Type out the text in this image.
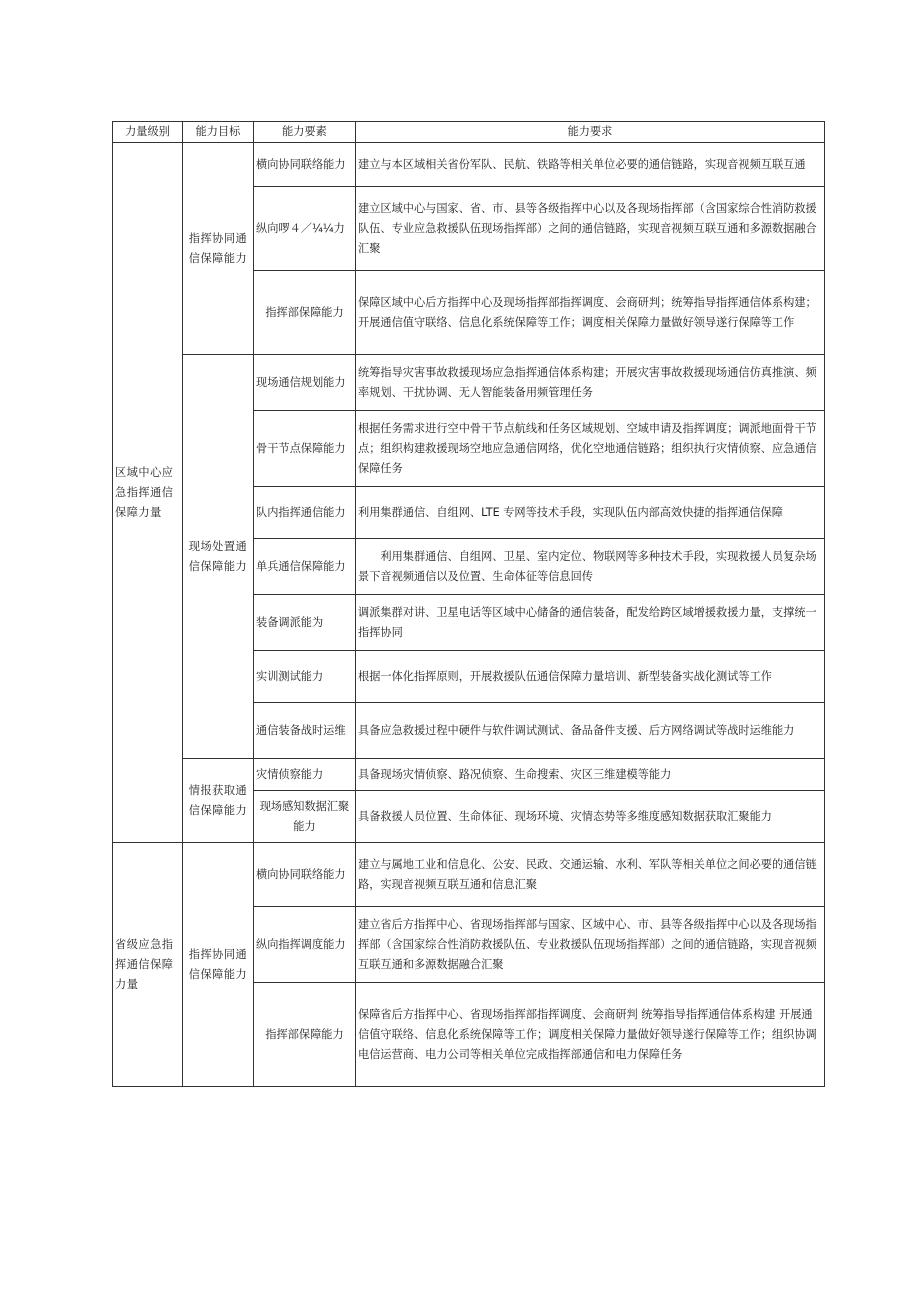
力量级别	能力目标	能力要素	能力要求
区域中心应急指挥通信保障力量	指挥协同通信保障能力	横向协同联络能力	建立与本区域相关省份军队、民航、铁路等相关单位必要的通信链路，实现音视频互联互通
		纵向啰４／¼¼力	建立区域中心与国家、省、市、县等各级指挥中心以及各现场指挥部（含国家综合性消防救援队伍、专业应急救援队伍现场指挥部）之间的通信链路，实现音视频互联互通和多源数据融合汇聚
		指挥部保障能力	保障区域中心后方指挥中心及现场指挥部指挥调度、会商研判；统筹指导指挥通信体系构建；开展通信值守联络、信息化系统保障等工作；调度相关保障力量做好领导遂行保障等工作
	现场处置通信保障能力	现场通信规划能力	统筹指导灾害事故救援现场应急指挥通信体系构建；开展灾害事故救援现场通信仿真推演、频率规划、干扰协调、无人智能装备用频管理任务
		骨干节点保障能力	根据任务需求进行空中骨干节点航线和任务区域规划、空域申请及指挥调度；调派地面骨干节点；组织构建救援现场空地应急通信网络，优化空地通信链路；组织执行灾情侦察、应急通信保障任务
		队内指挥通信能力	利用集群通信、自组网、LTE 专网等技术手段，实现队伍内部高效快捷的指挥通信保障
		单兵通信保障能力	利用集群通信、自组网、卫星、室内定位、物联网等多种技术手段，实现救援人员复杂场景下音视频通信以及位置、生命体征等信息回传
		装备调派能为	调派集群对讲、卫星电话等区域中心储备的通信装备，配发给跨区域增援救援力量，支撑统一指挥协同
		实训测试能力	根据一体化指挥原则，开展救援队伍通信保障力量培训、新型装备实战化测试等工作
		通信装备战时运维	具备应急救援过程中硬件与软件调试测试、备品备件支援、后方网络调试等战时运维能力
	情报获取通信保障能力	灾情侦察能力	具备现场灾情侦察、路况侦察、生命搜索、灾区三维建模等能力
		现场感知数据汇聚能力	具备救援人员位置、生命体征、现场环境、灾情态势等多维度感知数据获取汇聚能力
省级应急指挥通信保障力量	指挥协同通信保障能力	横向协同联络能力	建立与属地工业和信息化、公安、民政、交通运输、水利、军队等相关单位之间必要的通信链路，实现音视频互联互通和信息汇聚
		纵向指挥调度能力	建立省后方指挥中心、省现场指挥部与国家、区域中心、市、县等各级指挥中心以及各现场指挥部（含国家综合性消防救援队伍、专业救援队伍现场指挥部）之间的通信链路，实现音视频互联互通和多源数据融合汇聚
		指挥部保障能力	保障省后方指挥中心、省现场指挥部指挥调度、会商研判 统筹指导指挥通信体系构建 开展通信值守联络、信息化系统保障等工作；调度相关保障力量做好领导遂行保障等工作；组织协调电信运营商、电力公司等相关单位完成指挥部通信和电力保障任务
